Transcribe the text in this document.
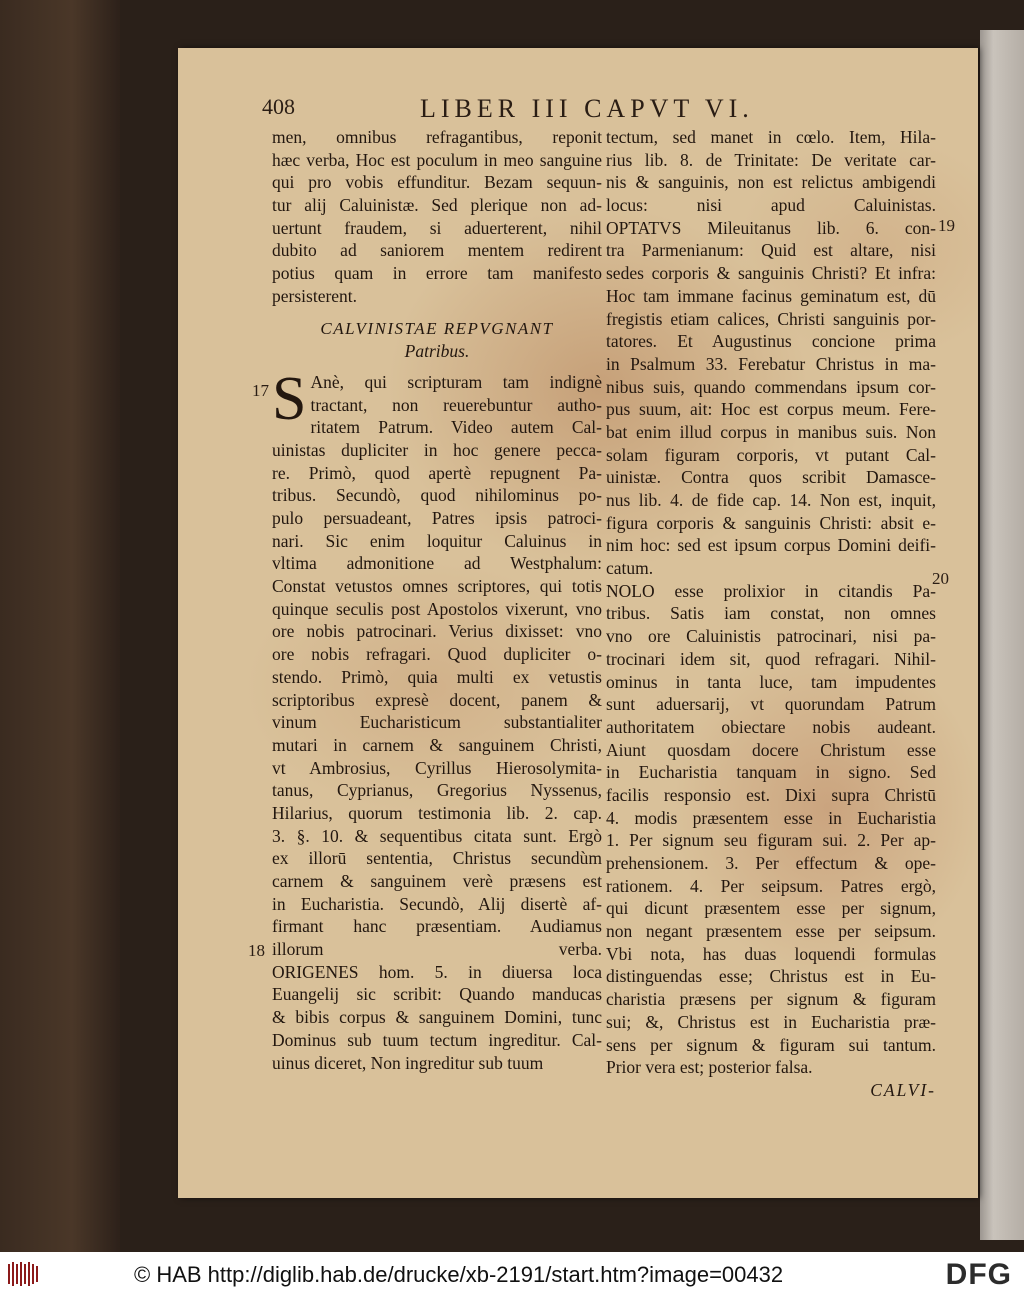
408	LIBER III CAPVT VI.
17
18
19
20
men, omnibus refragantibus, reponit
hæc verba, Hoc est poculum in meo sanguine
qui pro vobis effunditur. Bezam sequun-
tur alij Caluinistæ. Sed plerique non ad-
uertunt fraudem, si aduerterent, nihil
dubito ad saniorem mentem redirent
potius quam in errore tam manifesto
persisterent.
CALVINISTAE REPVGNANT
Patribus.
S Anè, qui scripturam tam indignè
tractant, non reuerebuntur autho-
ritatem Patrum. Video autem Cal-
uinistas dupliciter in hoc genere pecca-
re. Primò, quod apertè repugnent Pa-
tribus. Secundò, quod nihilominus po-
pulo persuadeant, Patres ipsis patroci-
nari. Sic enim loquitur Caluinus in
vltima admonitione ad Westphalum:
Constat vetustos omnes scriptores, qui totis
quinque seculis post Apostolos vixerunt, vno
ore nobis patrocinari. Verius dixisset: vno
ore nobis refragari. Quod dupliciter o-
stendo. Primò, quia multi ex vetustis
scriptoribus expresè docent, panem &
vinum Eucharisticum substantialiter
mutari in carnem & sanguinem Christi,
vt Ambrosius, Cyrillus Hierosolymita-
tanus, Cyprianus, Gregorius Nyssenus,
Hilarius, quorum testimonia lib. 2. cap.
3. §. 10. & sequentibus citata sunt. Ergò
ex illorū sententia, Christus secundùm
carnem & sanguinem verè præsens est
in Eucharistia. Secundò, Alij disertè af-
firmant hanc præsentiam. Audiamus
illorum verba.
ORIGENES hom. 5. in diuersa loca
Euangelij sic scribit: Quando manducas
& bibis corpus & sanguinem Domini, tunc
Dominus sub tuum tectum ingreditur. Cal-
uinus diceret, Non ingreditur sub tuum
tectum, sed manet in cœlo. Item, Hila-
rius lib. 8. de Trinitate: De veritate car-
nis & sanguinis, non est relictus ambigendi
locus: nisi apud Caluinistas.
OPTATVS Mileuitanus lib. 6. con-
tra Parmenianum: Quid est altare, nisi
sedes corporis & sanguinis Christi? Et infra:
Hoc tam immane facinus geminatum est, dū
fregistis etiam calices, Christi sanguinis por-
tatores. Et Augustinus concione prima
in Psalmum 33. Ferebatur Christus in ma-
nibus suis, quando commendans ipsum cor-
pus suum, ait: Hoc est corpus meum. Fere-
bat enim illud corpus in manibus suis. Non
solam figuram corporis, vt putant Cal-
uinistæ. Contra quos scribit Damasce-
nus lib. 4. de fide cap. 14. Non est, inquit,
figura corporis & sanguinis Christi: absit e-
nim hoc: sed est ipsum corpus Domini deifi-
catum.
NOLO esse prolixior in citandis Pa-
tribus. Satis iam constat, non omnes
vno ore Caluinistis patrocinari, nisi pa-
trocinari idem sit, quod refragari. Nihil-
ominus in tanta luce, tam impudentes
sunt aduersarij, vt quorundam Patrum
authoritatem obiectare nobis audeant.
Aiunt quosdam docere Christum esse
in Eucharistia tanquam in signo. Sed
facilis responsio est. Dixi supra Christū
4. modis præsentem esse in Eucharistia
1. Per signum seu figuram sui. 2. Per ap-
prehensionem. 3. Per effectum & ope-
rationem. 4. Per seipsum. Patres ergò,
qui dicunt præsentem esse per signum,
non negant præsentem esse per seipsum.
Vbi nota, has duas loquendi formulas
distinguendas esse; Christus est in Eu-
charistia præsens per signum & figuram
sui; &, Christus est in Eucharistia præ-
sens per signum & figuram sui tantum.
Prior vera est; posterior falsa.
CALVI-
© HAB http://diglib.hab.de/drucke/xb-2191/start.htm?image=00432	DFG
